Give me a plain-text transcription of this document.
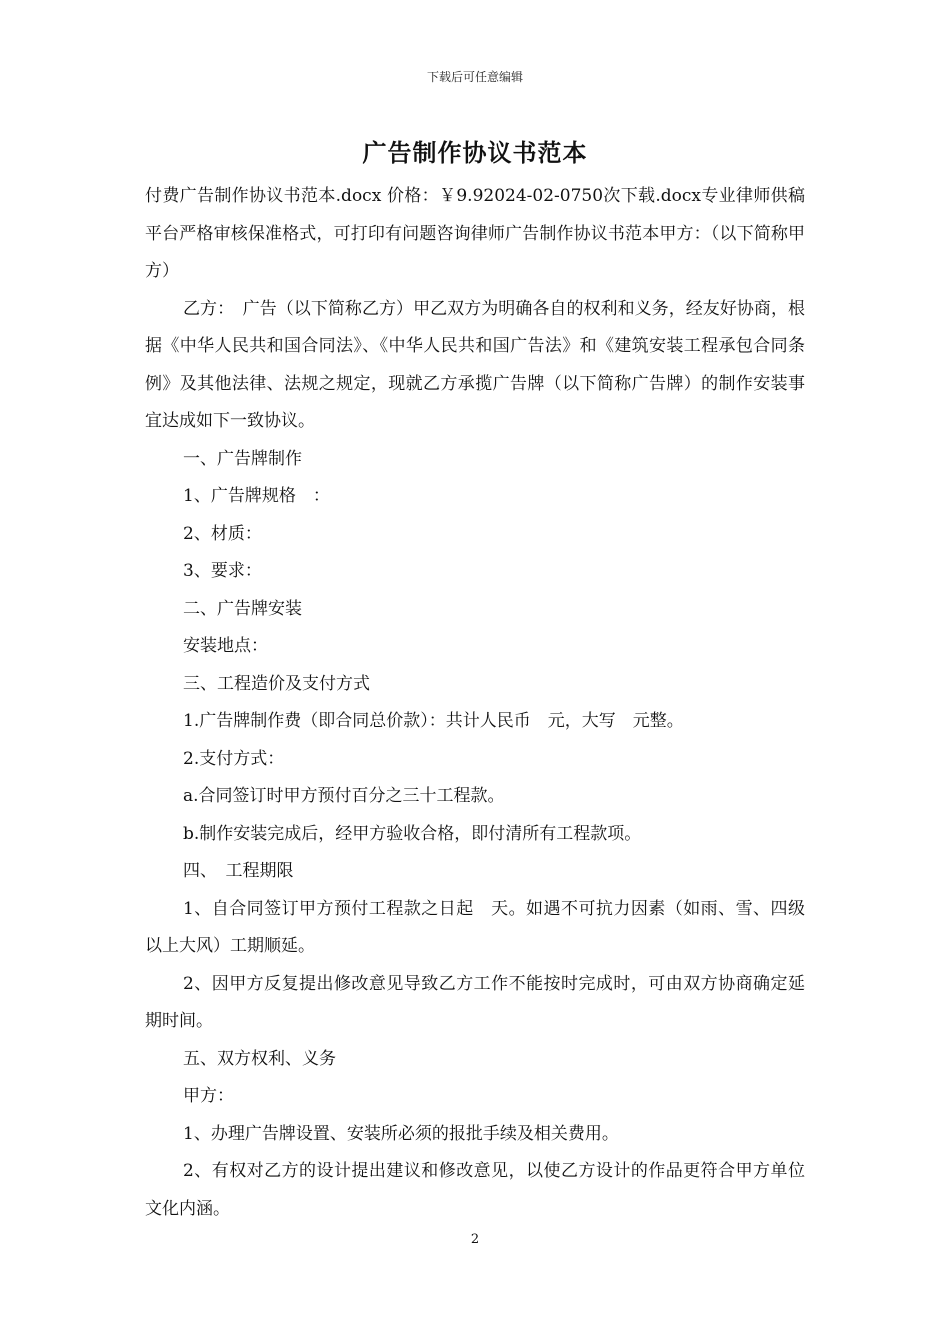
下载后可任意编辑
广告制作协议书范本

付费广告制作协议书范本.docx 价格：￥9.92024-02-0750次下载.docx专业律师供稿平台严格审核保准格式，可打印有问题咨询律师广告制作协议书范本甲方：（以下简称甲方）

乙方：　广告（以下简称乙方）甲乙双方为明确各自的权利和义务，经友好协商，根据《中华人民共和国合同法》、《中华人民共和国广告法》和《建筑安装工程承包合同条例》及其他法律、法规之规定，现就乙方承揽广告牌（以下简称广告牌）的制作安装事宜达成如下一致协议。

一、广告牌制作

1、广告牌规格　：

2、材质：

3、要求：

二、广告牌安装

安装地点：

三、工程造价及支付方式

1.广告牌制作费（即合同总价款）：共计人民币　元，大写　元整。

2.支付方式：

a.合同签订时甲方预付百分之三十工程款。

b.制作安装完成后，经甲方验收合格，即付清所有工程款项。

四、　工程期限

1、自合同签订甲方预付工程款之日起　天。如遇不可抗力因素（如雨、雪、四级以上大风）工期顺延。

2、因甲方反复提出修改意见导致乙方工作不能按时完成时，可由双方协商确定延期时间。

五、双方权利、义务

甲方：

1、办理广告牌设置、安装所必须的报批手续及相关费用。

2、有权对乙方的设计提出建议和修改意见，以使乙方设计的作品更符合甲方单位文化内涵。

2
